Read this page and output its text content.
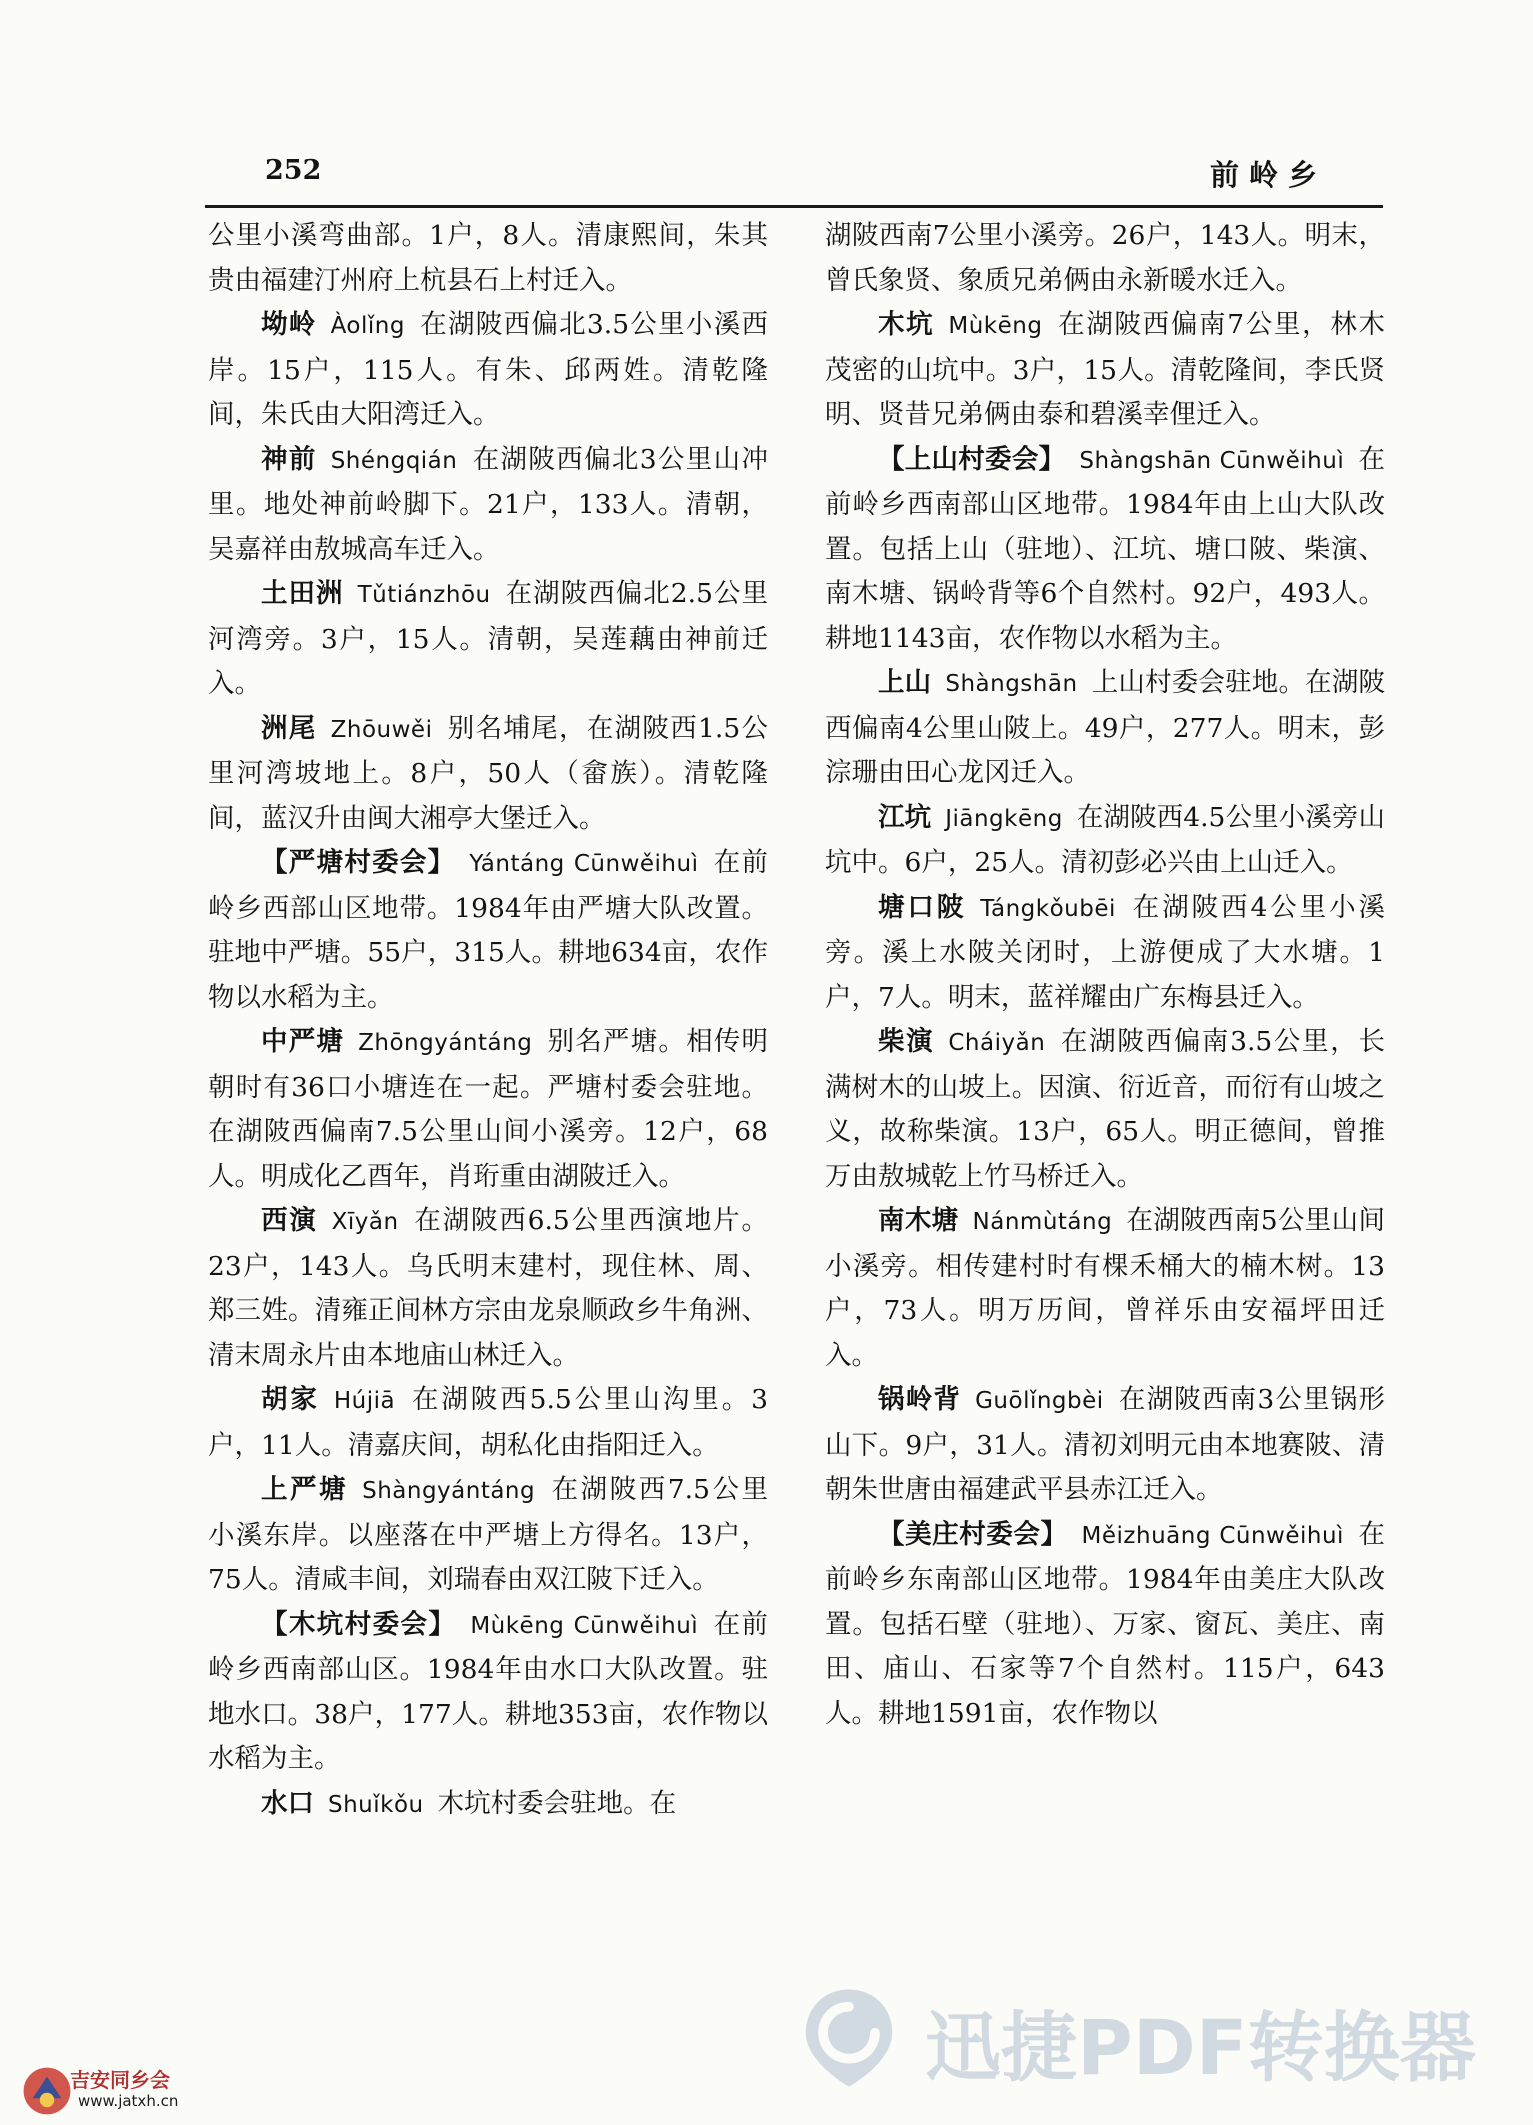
252	前岭乡

公里小溪弯曲部。1户，8人。清康熙间，朱其贵由福建汀州府上杭县石上村迁入。

坳岭 Àolǐng 在湖陂西偏北3.5公里小溪西岸。15户，115人。有朱、邱两姓。清乾隆间，朱氏由大阳湾迁入。

神前 Shéngqián 在湖陂西偏北3公里山冲里。地处神前岭脚下。21户，133人。清朝，吴嘉祥由敖城高车迁入。

土田洲 Tǔtiánzhōu 在湖陂西偏北2.5公里河湾旁。3户，15人。清朝，吴莲藕由神前迁入。

洲尾 Zhōuwěi 别名埔尾，在湖陂西1.5公里河湾坡地上。8户，50人（畲族）。清乾隆间，蓝汉升由闽大湘亭大堡迁入。

【严塘村委会】 Yántáng Cūnwěihuì 在前岭乡西部山区地带。1984年由严塘大队改置。驻地中严塘。55户，315人。耕地634亩，农作物以水稻为主。

中严塘 Zhōngyántáng 别名严塘。相传明朝时有36口小塘连在一起。严塘村委会驻地。在湖陂西偏南7.5公里山间小溪旁。12户，68人。明成化乙酉年，肖珩重由湖陂迁入。

西演 Xīyǎn 在湖陂西6.5公里西演地片。23户，143人。乌氏明末建村，现住林、周、郑三姓。清雍正间林方宗由龙泉顺政乡牛角洲、清末周永片由本地庙山林迁入。

胡家 Hújiā 在湖陂西5.5公里山沟里。3户，11人。清嘉庆间，胡私化由指阳迁入。

上严塘 Shàngyántáng 在湖陂西7.5公里小溪东岸。以座落在中严塘上方得名。13户，75人。清咸丰间，刘瑞春由双江陂下迁入。

【木坑村委会】 Mùkēng Cūnwěihuì 在前岭乡西南部山区。1984年由水口大队改置。驻地水口。38户，177人。耕地353亩，农作物以水稻为主。

水口 Shuǐkǒu 木坑村委会驻地。在

湖陂西南7公里小溪旁。26户，143人。明末，曾氏象贤、象质兄弟俩由永新暖水迁入。

木坑 Mùkēng 在湖陂西偏南7公里，林木茂密的山坑中。3户，15人。清乾隆间，李氏贤明、贤昔兄弟俩由泰和碧溪幸俚迁入。

【上山村委会】 Shàngshān Cūnwěihuì 在前岭乡西南部山区地带。1984年由上山大队改置。包括上山（驻地）、江坑、塘口陂、柴演、南木塘、锅岭背等6个自然村。92户，493人。耕地1143亩，农作物以水稻为主。

上山 Shàngshān 上山村委会驻地。在湖陂西偏南4公里山陂上。49户，277人。明末，彭淙珊由田心龙冈迁入。

江坑 Jiāngkēng 在湖陂西4.5公里小溪旁山坑中。6户，25人。清初彭必兴由上山迁入。

塘口陂 Tángkǒubēi 在湖陂西4公里小溪旁。溪上水陂关闭时，上游便成了大水塘。1户，7人。明末，蓝祥耀由广东梅县迁入。

柴演 Cháiyǎn 在湖陂西偏南3.5公里，长满树木的山坡上。因演、衍近音，而衍有山坡之义，故称柴演。13户，65人。明正德间，曾推万由敖城乾上竹马桥迁入。

南木塘 Nánmùtáng 在湖陂西南5公里山间小溪旁。相传建村时有棵禾桶大的楠木树。13户，73人。明万历间，曾祥乐由安福坪田迁入。

锅岭背 Guōlǐngbèi 在湖陂西南3公里锅形山下。9户，31人。清初刘明元由本地赛陂、清朝朱世唐由福建武平县赤江迁入。

【美庄村委会】 Měizhuāng Cūnwěihuì 在前岭乡东南部山区地带。1984年由美庄大队改置。包括石壁（驻地）、万家、窗瓦、美庄、南田、庙山、石家等7个自然村。115户，643人。耕地1591亩，农作物以

迅捷PDF转换器
吉安同乡会
www.jatxh.cn
